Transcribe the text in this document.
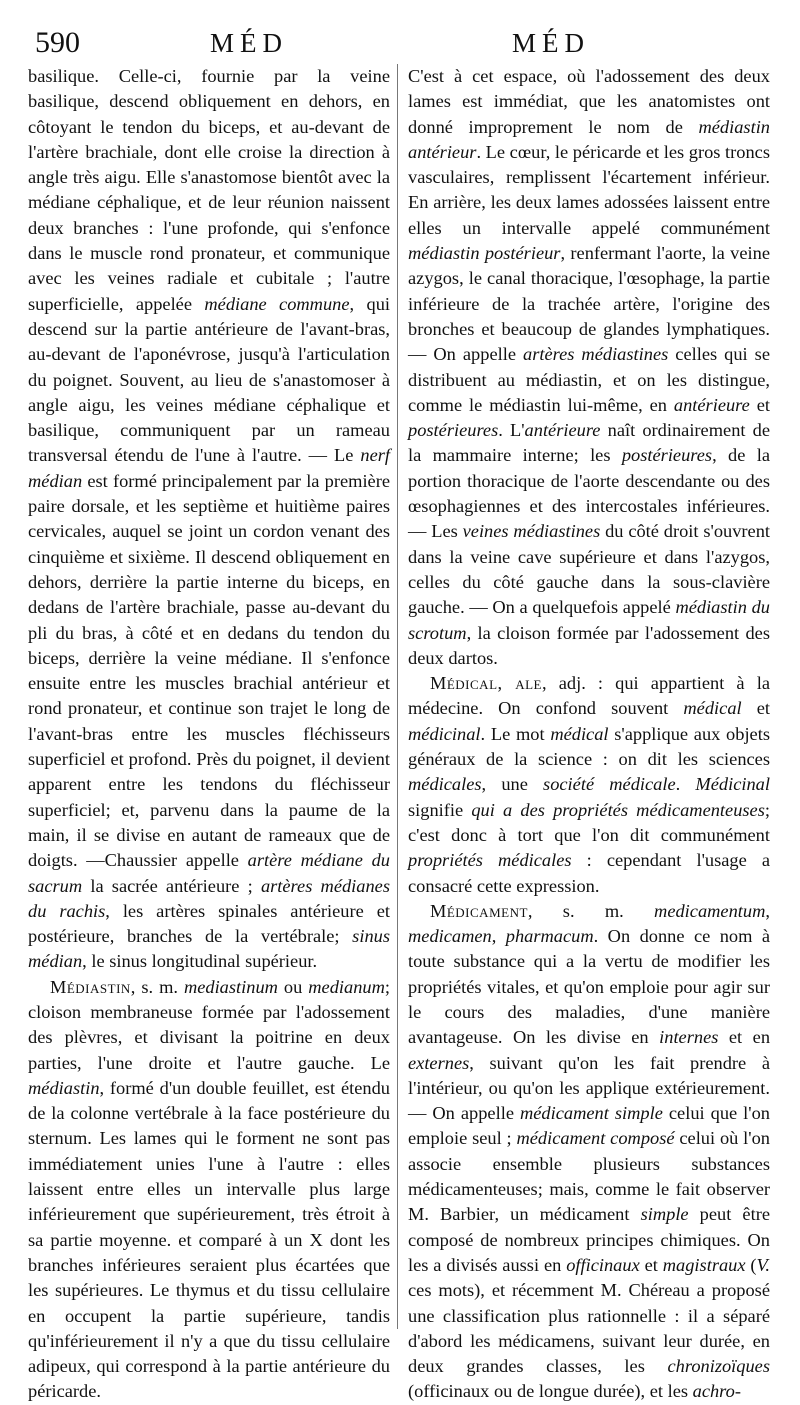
590	MÉD	MÉD

basilique. Celle-ci, fournie par la veine basilique, descend obliquement en dehors, en côtoyant le tendon du biceps, et au-devant de l'artère brachiale, dont elle croise la direction à angle très aigu. Elle s'anastomose bientôt avec la médiane céphalique, et de leur réunion naissent deux branches : l'une profonde, qui s'enfonce dans le muscle rond pronateur, et communique avec les veines radiale et cubitale ; l'autre superficielle, appelée médiane commune, qui descend sur la partie antérieure de l'avant-bras, au-devant de l'aponévrose, jusqu'à l'articulation du poignet. Souvent, au lieu de s'anastomoser à angle aigu, les veines médiane céphalique et basilique, communiquent par un rameau transversal étendu de l'une à l'autre. — Le nerf médian est formé principalement par la première paire dorsale, et les septième et huitième paires cervicales, auquel se joint un cordon venant des cinquième et sixième. Il descend obliquement en dehors, derrière la partie interne du biceps, en dedans de l'artère brachiale, passe au-devant du pli du bras, à côté et en dedans du tendon du biceps, derrière la veine médiane. Il s'enfonce ensuite entre les muscles brachial antérieur et rond pronateur, et continue son trajet le long de l'avant-bras entre les muscles fléchisseurs superficiel et profond. Près du poignet, il devient apparent entre les tendons du fléchisseur superficiel; et, parvenu dans la paume de la main, il se divise en autant de rameaux que de doigts. —Chaussier appelle artère médiane du sacrum la sacrée antérieure ; artères médianes du rachis, les artères spinales antérieure et postérieure, branches de la vertébrale; sinus médian, le sinus longitudinal supérieur.

Médiastin, s. m. mediastinum ou medianum; cloison membraneuse formée par l'adossement des plèvres, et divisant la poitrine en deux parties, l'une droite et l'autre gauche. Le médiastin, formé d'un double feuillet, est étendu de la colonne vertébrale à la face postérieure du sternum. Les lames qui le forment ne sont pas immédiatement unies l'une à l'autre : elles laissent entre elles un intervalle plus large inférieurement que supérieurement, très étroit à sa partie moyenne. et comparé à un X dont les branches inférieures seraient plus écartées que les supérieures. Le thymus et du tissu cellulaire en occupent la partie supérieure, tandis qu'inférieurement il n'y a que du tissu cellulaire adipeux, qui correspond à la partie antérieure du péricarde.

C'est à cet espace, où l'adossement des deux lames est immédiat, que les anatomistes ont donné improprement le nom de médiastin antérieur. Le cœur, le péricarde et les gros troncs vasculaires, remplissent l'écartement inférieur. En arrière, les deux lames adossées laissent entre elles un intervalle appelé communément médiastin postérieur, renfermant l'aorte, la veine azygos, le canal thoracique, l'œsophage, la partie inférieure de la trachée artère, l'origine des bronches et beaucoup de glandes lymphatiques. — On appelle artères médiastines celles qui se distribuent au médiastin, et on les distingue, comme le médiastin lui-même, en antérieure et postérieures. L'antérieure naît ordinairement de la mammaire interne; les postérieures, de la portion thoracique de l'aorte descendante ou des œsophagiennes et des intercostales inférieures. — Les veines médiastines du côté droit s'ouvrent dans la veine cave supérieure et dans l'azygos, celles du côté gauche dans la sous-clavière gauche. — On a quelquefois appelé médiastin du scrotum, la cloison formée par l'adossement des deux dartos.

Médical, ale, adj. : qui appartient à la médecine. On confond souvent médical et médicinal. Le mot médical s'applique aux objets généraux de la science : on dit les sciences médicales, une société médicale. Médicinal signifie qui a des propriétés médicamenteuses; c'est donc à tort que l'on dit communément propriétés médicales : cependant l'usage a consacré cette expression.

Médicament, s. m. medicamentum, medicamen, pharmacum. On donne ce nom à toute substance qui a la vertu de modifier les propriétés vitales, et qu'on emploie pour agir sur le cours des maladies, d'une manière avantageuse. On les divise en internes et en externes, suivant qu'on les fait prendre à l'intérieur, ou qu'on les applique extérieurement. — On appelle médicament simple celui que l'on emploie seul ; médicament composé celui où l'on associe ensemble plusieurs substances médicamenteuses; mais, comme le fait observer M. Barbier, un médicament simple peut être composé de nombreux principes chimiques. On les a divisés aussi en officinaux et magistraux (V. ces mots), et récemment M. Chéreau a proposé une classification plus rationnelle : il a séparé d'abord les médicamens, suivant leur durée, en deux grandes classes, les chronizoïques (officinaux ou de longue durée), et les achro-
